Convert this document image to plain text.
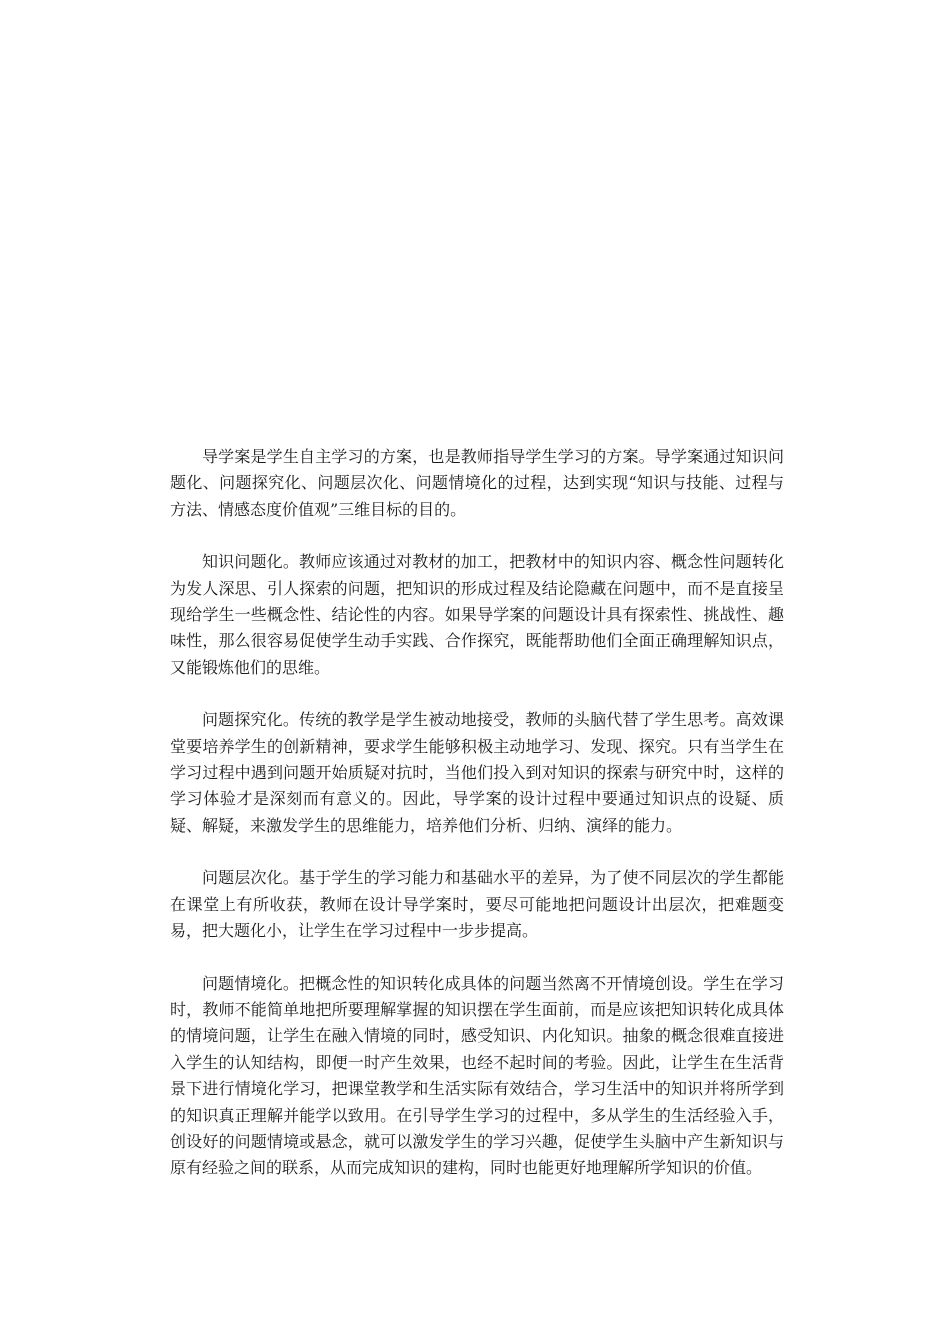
导学案是学生自主学习的方案，也是教师指导学生学习的方案。导学案通过知识问题化、问题探究化、问题层次化、问题情境化的过程，达到实现“知识与技能、过程与方法、情感态度价值观”三维目标的目的。

知识问题化。教师应该通过对教材的加工，把教材中的知识内容、概念性问题转化为发人深思、引人探索的问题，把知识的形成过程及结论隐藏在问题中，而不是直接呈现给学生一些概念性、结论性的内容。如果导学案的问题设计具有探索性、挑战性、趣味性，那么很容易促使学生动手实践、合作探究，既能帮助他们全面正确理解知识点，又能锻炼他们的思维。

问题探究化。传统的教学是学生被动地接受，教师的头脑代替了学生思考。高效课堂要培养学生的创新精神，要求学生能够积极主动地学习、发现、探究。只有当学生在学习过程中遇到问题开始质疑对抗时，当他们投入到对知识的探索与研究中时，这样的学习体验才是深刻而有意义的。因此，导学案的设计过程中要通过知识点的设疑、质疑、解疑，来激发学生的思维能力，培养他们分析、归纳、演绎的能力。

问题层次化。基于学生的学习能力和基础水平的差异，为了使不同层次的学生都能在课堂上有所收获，教师在设计导学案时，要尽可能地把问题设计出层次，把难题变易，把大题化小，让学生在学习过程中一步步提高。

问题情境化。把概念性的知识转化成具体的问题当然离不开情境创设。学生在学习时，教师不能简单地把所要理解掌握的知识摆在学生面前，而是应该把知识转化成具体的情境问题，让学生在融入情境的同时，感受知识、内化知识。抽象的概念很难直接进入学生的认知结构，即便一时产生效果，也经不起时间的考验。因此，让学生在生活背景下进行情境化学习，把课堂教学和生活实际有效结合，学习生活中的知识并将所学到的知识真正理解并能学以致用。在引导学生学习的过程中，多从学生的生活经验入手，创设好的问题情境或悬念，就可以激发学生的学习兴趣，促使学生头脑中产生新知识与原有经验之间的联系，从而完成知识的建构，同时也能更好地理解所学知识的价值。
